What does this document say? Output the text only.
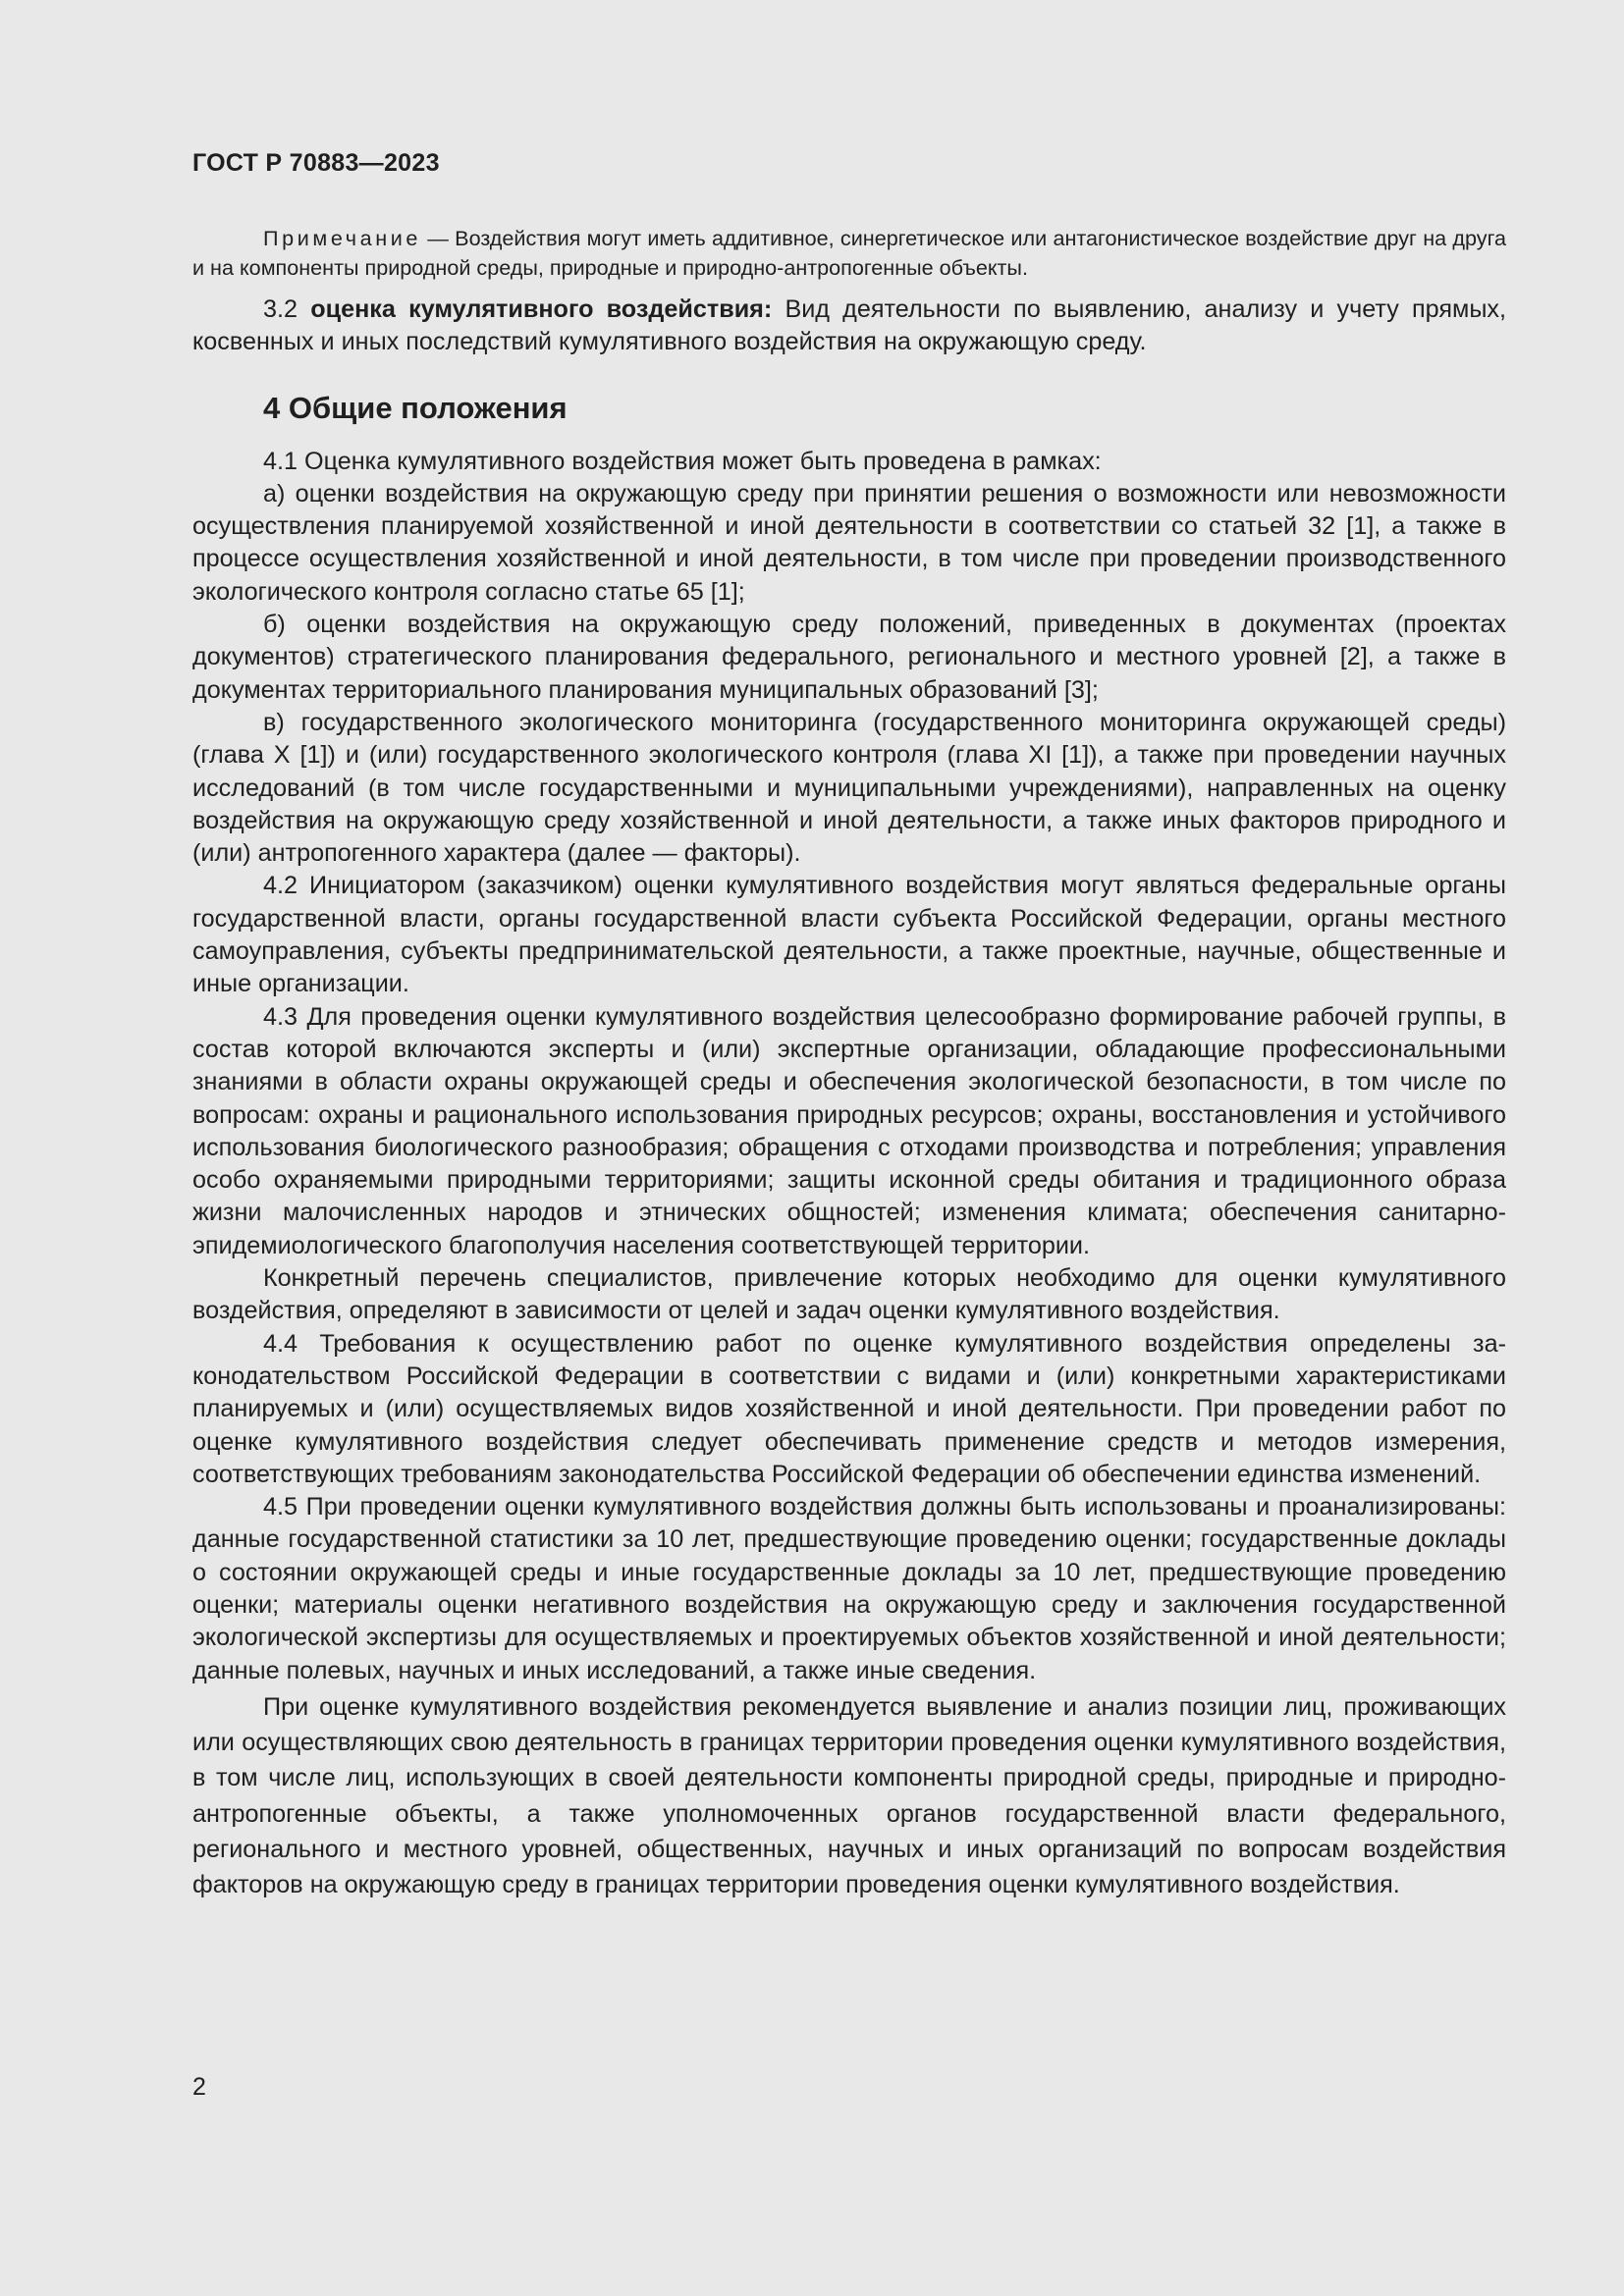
ГОСТ Р 70883—2023

Примечание — Воздействия могут иметь аддитивное, синергетическое или антагонистическое воздействие друг на друга и на компоненты природной среды, природные и природно-антропогенные объекты.

3.2 оценка кумулятивного воздействия: Вид деятельности по выявлению, анализу и учету прямых, косвенных и иных последствий кумулятивного воздействия на окружающую среду.

4 Общие положения

4.1 Оценка кумулятивного воздействия может быть проведена в рамках:

а) оценки воздействия на окружающую среду при принятии решения о возможности или невозможности осуществления планируемой хозяйственной и иной деятельности в соответствии со статьей 32 [1], а также в процессе осуществления хозяйственной и иной деятельности, в том числе при проведении производственного экологического контроля согласно статье 65 [1];

б) оценки воздействия на окружающую среду положений, приведенных в документах (проектах документов) стратегического планирования федерального, регионального и местного уровней [2], а также в документах территориального планирования муниципальных образований [3];

в) государственного экологического мониторинга (государственного мониторинга окружающей среды) (глава X [1]) и (или) государственного экологического контроля (глава XI [1]), а также при проведении научных исследований (в том числе государственными и муниципальными учреждениями), направленных на оценку воздействия на окружающую среду хозяйственной и иной деятельности, а также иных факторов природного и (или) антропогенного характера (далее — факторы).

4.2 Инициатором (заказчиком) оценки кумулятивного воздействия могут являться федеральные органы государственной власти, органы государственной власти субъекта Российской Федерации, органы местного самоуправления, субъекты предпринимательской деятельности, а также проектные, научные, общественные и иные организации.

4.3 Для проведения оценки кумулятивного воздействия целесообразно формирование рабочей группы, в состав которой включаются эксперты и (или) экспертные организации, обладающие профессиональными знаниями в области охраны окружающей среды и обеспечения экологической безопасности, в том числе по вопросам: охраны и рационального использования природных ресурсов; охраны, восстановления и устойчивого использования биологического разнообразия; обращения с отходами производства и потребления; управления особо охраняемыми природными территориями; защиты исконной среды обитания и традиционного образа жизни малочисленных народов и этнических общностей; изменения климата; обеспечения санитарно-эпидемиологического благополучия населения соответствующей территории.

Конкретный перечень специалистов, привлечение которых необходимо для оценки кумулятивного воздействия, определяют в зависимости от целей и задач оценки кумулятивного воздействия.

4.4 Требования к осуществлению работ по оценке кумулятивного воздействия определены законодательством Российской Федерации в соответствии с видами и (или) конкретными характеристиками планируемых и (или) осуществляемых видов хозяйственной и иной деятельности. При проведении работ по оценке кумулятивного воздействия следует обеспечивать применение средств и методов измерения, соответствующих требованиям законодательства Российской Федерации об обеспечении единства изменений.

4.5 При проведении оценки кумулятивного воздействия должны быть использованы и проанализированы: данные государственной статистики за 10 лет, предшествующие проведению оценки; государственные доклады о состоянии окружающей среды и иные государственные доклады за 10 лет, предшествующие проведению оценки; материалы оценки негативного воздействия на окружающую среду и заключения государственной экологической экспертизы для осуществляемых и проектируемых объектов хозяйственной и иной деятельности; данные полевых, научных и иных исследований, а также иные сведения.

При оценке кумулятивного воздействия рекомендуется выявление и анализ позиции лиц, проживающих или осуществляющих свою деятельность в границах территории проведения оценки кумулятивного воздействия, в том числе лиц, использующих в своей деятельности компоненты природной среды, природные и природно-антропогенные объекты, а также уполномоченных органов государственной власти федерального, регионального и местного уровней, общественных, научных и иных организаций по вопросам воздействия факторов на окружающую среду в границах территории проведения оценки кумулятивного воздействия.

2
